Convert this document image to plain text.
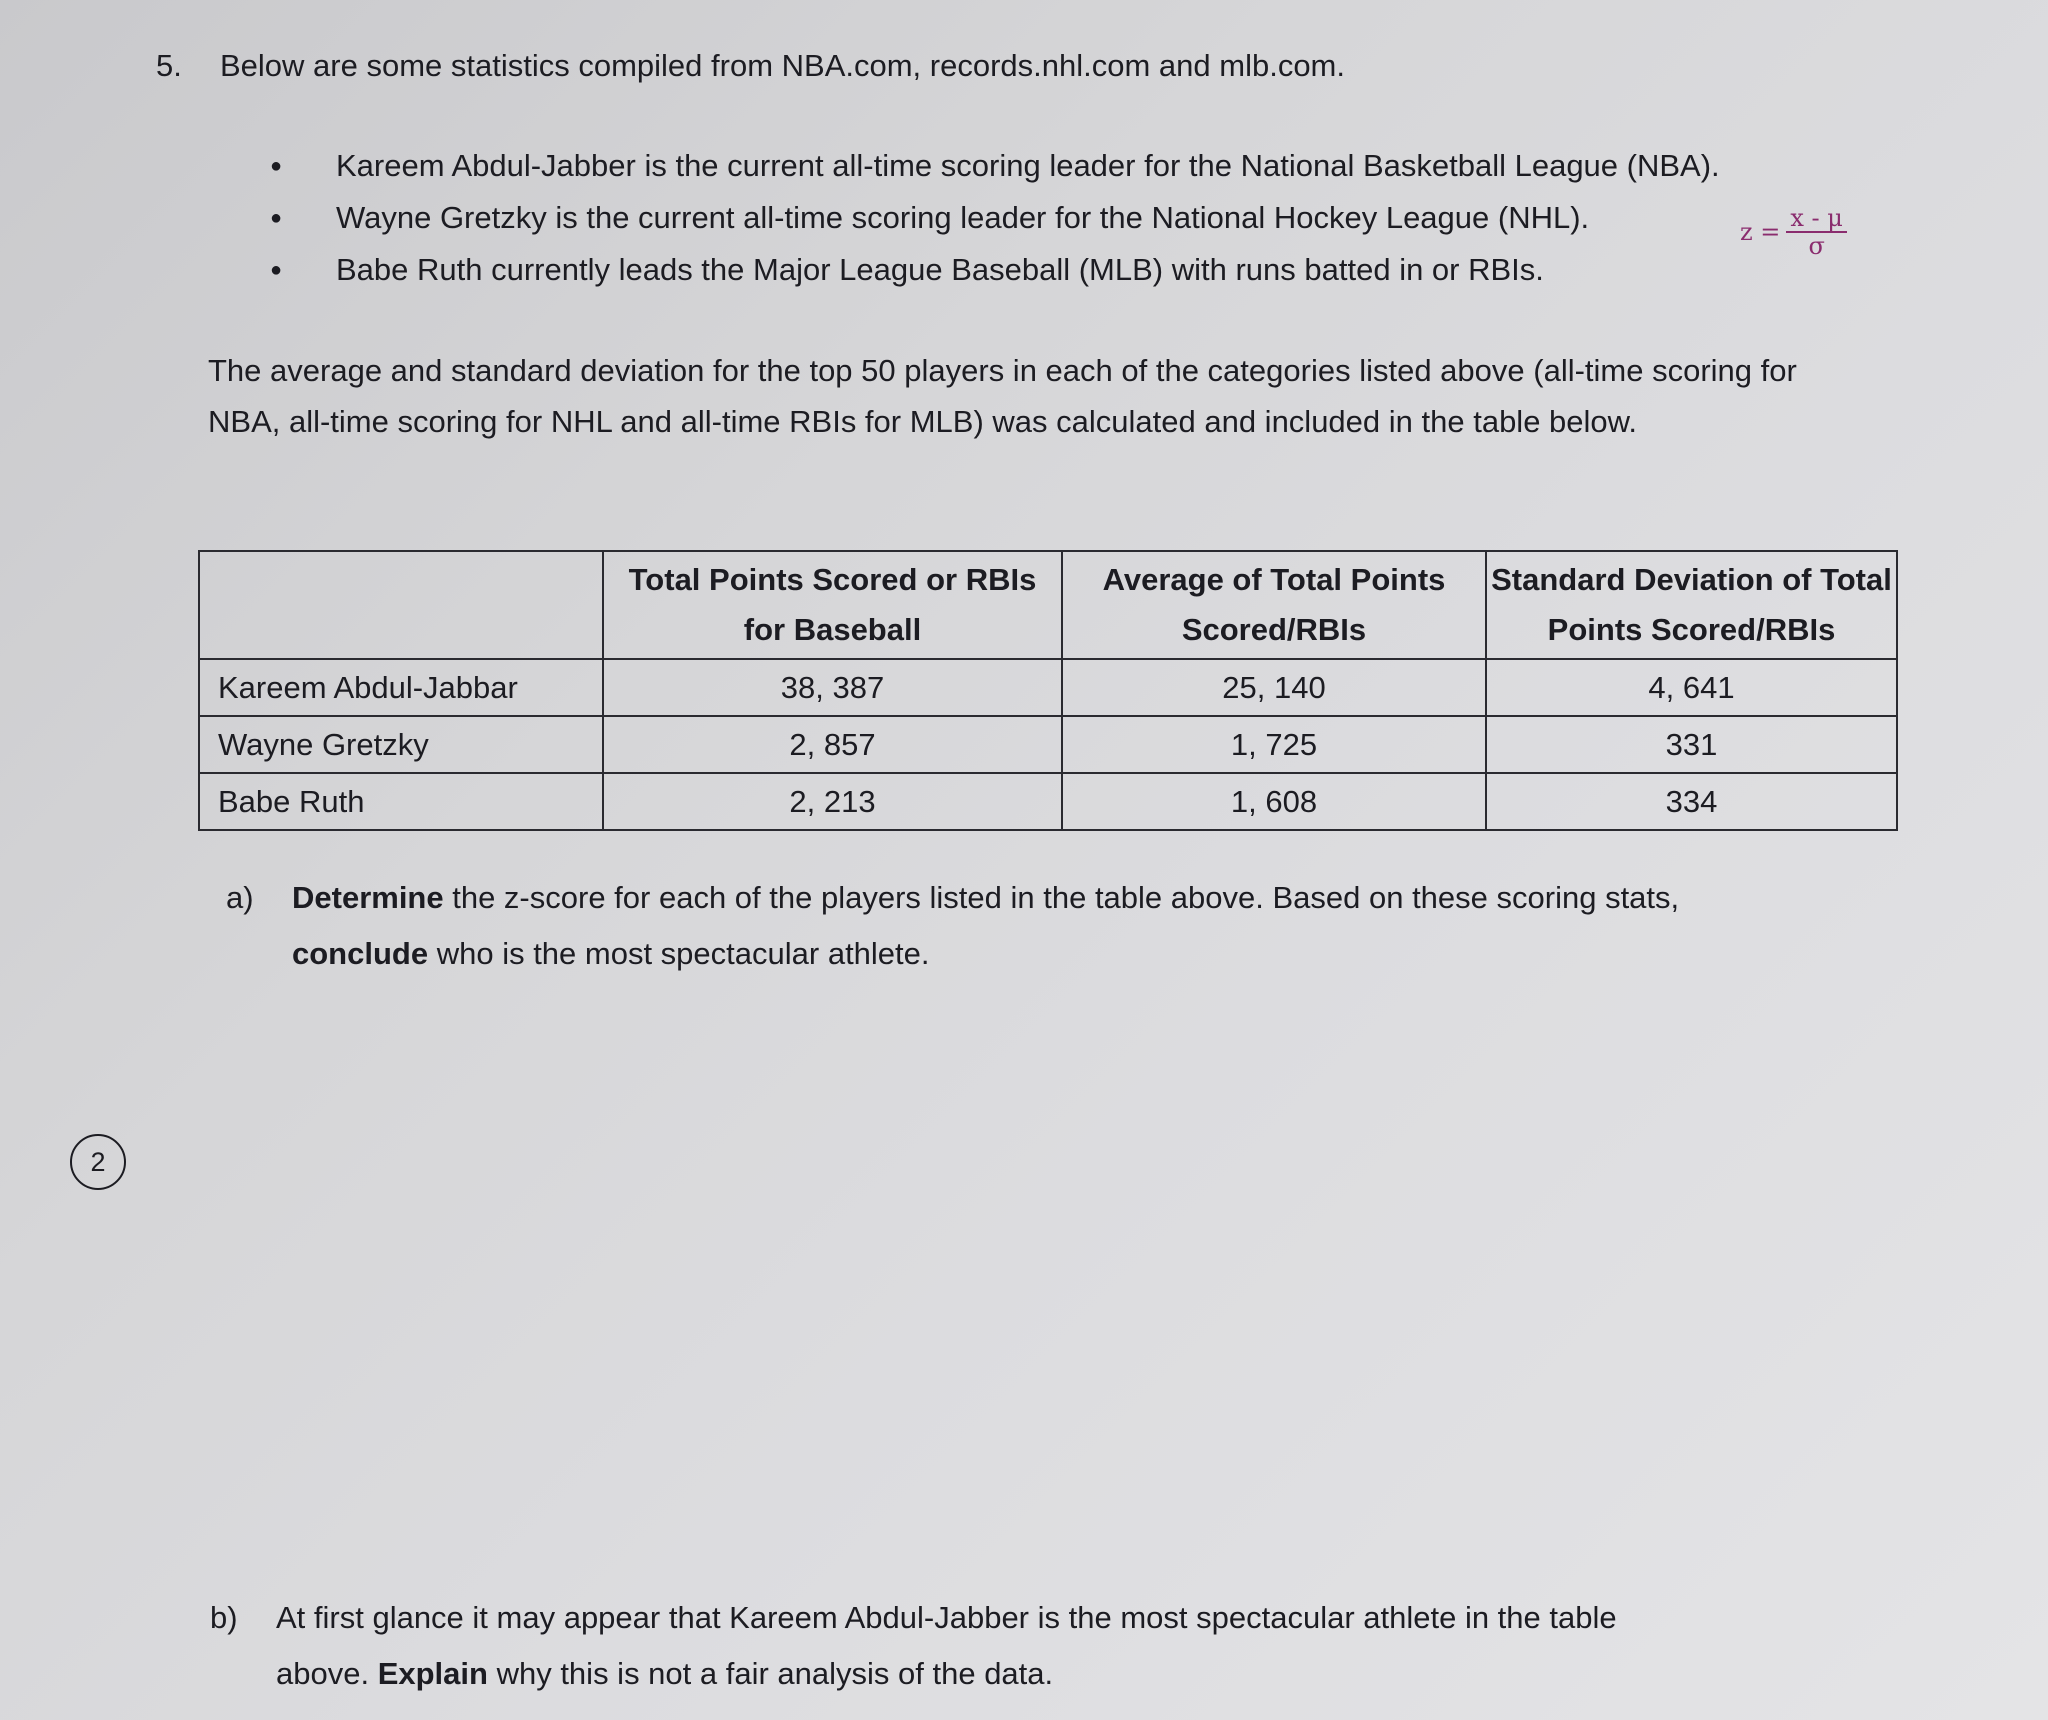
5. Below are some statistics compiled from NBA.com, records.nhl.com and mlb.com.
● Kareem Abdul-Jabber is the current all-time scoring leader for the National Basketball League (NBA).
● Wayne Gretzky is the current all-time scoring leader for the National Hockey League (NHL).
● Babe Ruth currently leads the Major League Baseball (MLB) with runs batted in or RBIs.
$z = \frac{x - \mu}{\sigma}$

The average and standard deviation for the top 50 players in each of the categories listed above (all-time scoring for NBA, all-time scoring for NHL and all-time RBIs for MLB) was calculated and included in the table below.

	Total Points Scored or RBIs for Baseball	Average of Total Points Scored/RBIs	Standard Deviation of Total Points Scored/RBIs
Kareem Abdul-Jabbar	38, 387	25, 140	4, 641
Wayne Gretzky	2, 857	1, 725	331
Babe Ruth	2, 213	1, 608	334
a) Determine the z-score for each of the players listed in the table above. Based on these scoring stats,
conclude who is the most spectacular athlete.
2
b) At first glance it may appear that Kareem Abdul-Jabber is the most spectacular athlete in the table
above. Explain why this is not a fair analysis of the data.
